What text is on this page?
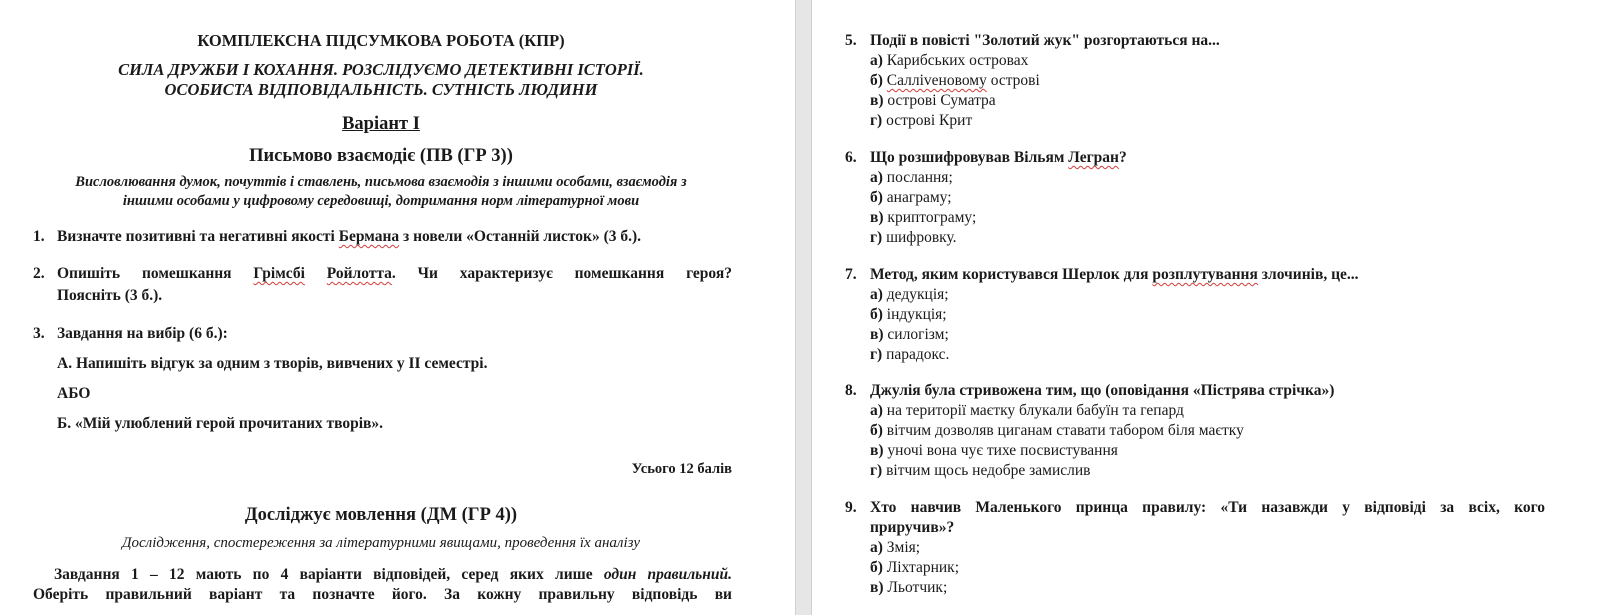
КОМПЛЕКСНА ПІДСУМКОВА РОБОТА (КПР)
СИЛА ДРУЖБИ І КОХАННЯ. РОЗСЛІДУЄМО ДЕТЕКТИВНІ ІСТОРІЇ.
ОСОБИСТА ВІДПОВІДАЛЬНІСТЬ. СУТНІСТЬ ЛЮДИНИ
Варіант І
Письмово взаємодіє (ПВ (ГР 3))
Висловлювання думок, почуттів і ставлень, письмова взаємодія з іншими особами, взаємодія з
іншими особами у цифровому середовищі, дотримання норм літературної мови
1. Визначте позитивні та негативні якості Бермана з новели «Останній листок» (3 б.).
2. Опишіть помешкання Грімсбі Ройлотта. Чи характеризує помешкання героя?
Поясніть (3 б.).
3. Завдання на вибір (6 б.):
А. Напишіть відгук за одним з творів, вивчених у ІІ семестрі.
АБО
Б. «Мій улюблений герой прочитаних творів».
Усього 12 балів
Досліджує мовлення (ДМ (ГР 4))
Дослідження, спостереження за літературними явищами, проведення їх аналізу
Завдання 1 – 12 мають по 4 варіанти відповідей, серед яких лише один правильний.
Оберіть правильний варіант та позначте його. За кожну правильну відповідь ви
5. Події в повісті "Золотий жук" розгортаються на...
а) Карибських островах
б) Салліvеновому острові
в) острові Суматра
г) острові Крит
6. Що розшифровував Вільям Легран?
а) послання;
б) анаграму;
в) криптограму;
г) шифровку.
7. Метод, яким користувався Шерлок для розплутування злочинів, це...
а) дедукція;
б) індукція;
в) силогізм;
г) парадокс.
8. Джулія була стривожена тим, що (оповідання «Пістрява стрічка»)
а) на території маєтку блукали бабуїн та гепард
б) вітчим дозволяв циганам ставати табором біля маєтку
в) уночі вона чує тихе посвистування
г) вітчим щось недобре замислив
9. Хто навчив Маленького принца правилу: «Ти назавжди у відповіді за всіх, кого
приручив»?
а) Змія;
б) Ліхтарник;
в) Льотчик;
